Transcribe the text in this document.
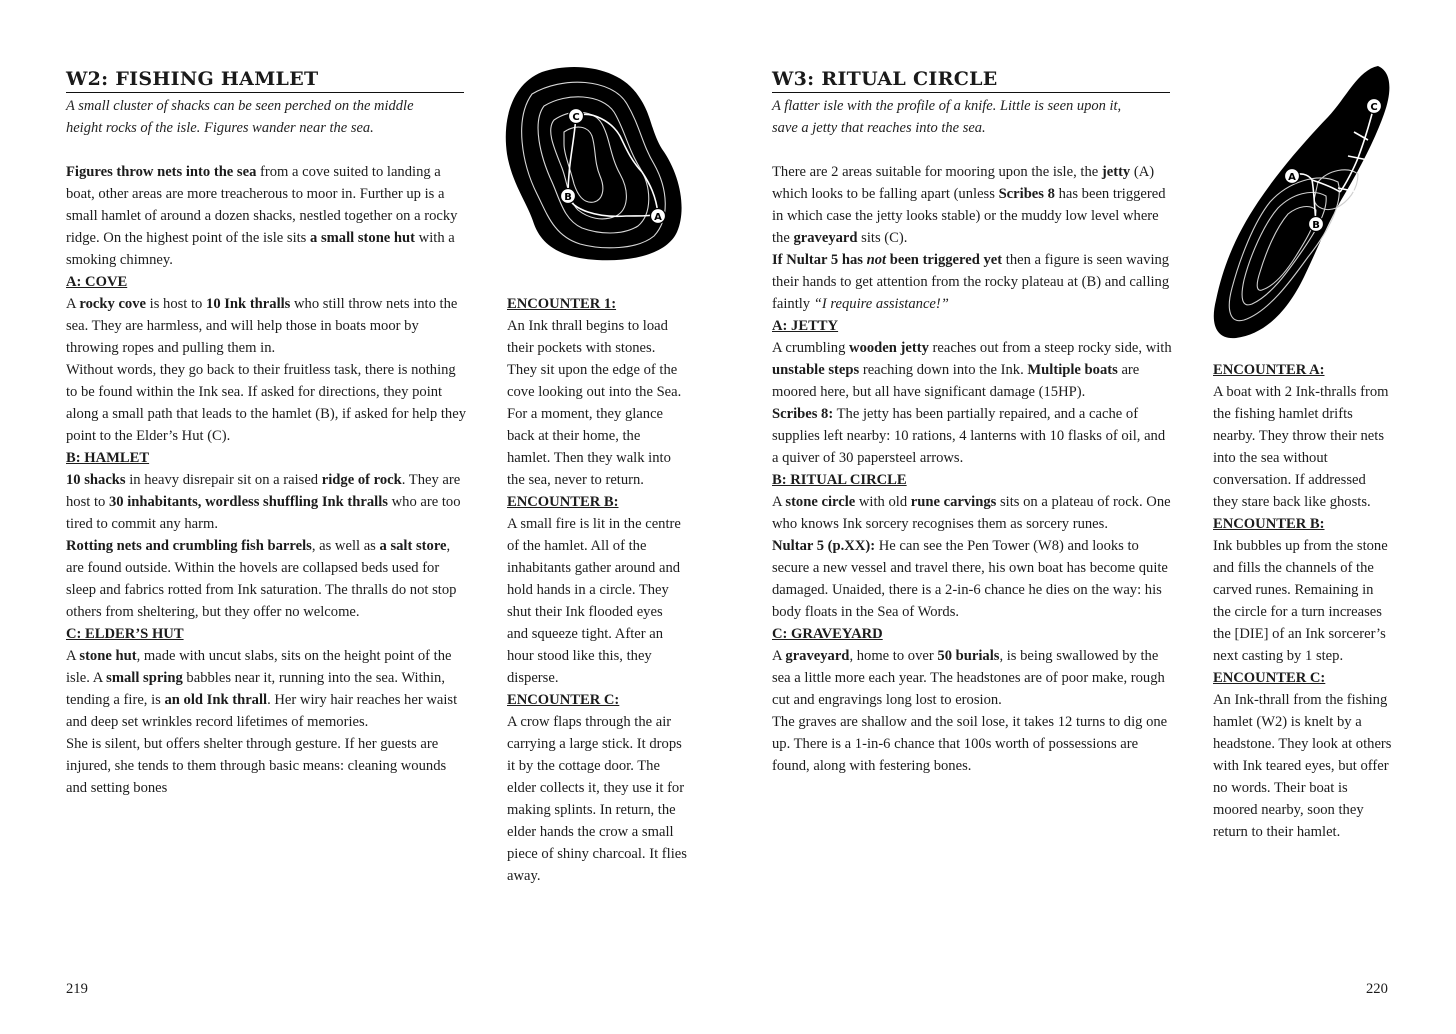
W2: FISHING HAMLET
A small cluster of shacks can be seen perched on the middle
height rocks of the isle. Figures wander near the sea.

Figures throw nets into the sea from a cove suited to landing a boat, other areas are more treacherous to moor in. Further up is a small hamlet of around a dozen shacks, nestled together on a rocky ridge. On the highest point of the isle sits a small stone hut with a smoking chimney.

A: COVE

A rocky cove is host to 10 Ink thralls who still throw nets into the sea. They are harmless, and will help those in boats moor by throwing ropes and pulling them in.

Without words, they go back to their fruitless task, there is nothing to be found within the Ink sea. If asked for directions, they point along a small path that leads to the hamlet (B), if asked for help they point to the Elder’s Hut (C).

B: HAMLET

10 shacks in heavy disrepair sit on a raised ridge of rock. They are host to 30 inhabitants, wordless shuffling Ink thralls who are too tired to commit any harm.

Rotting nets and crumbling fish barrels, as well as a salt store, are found outside. Within the hovels are collapsed beds used for sleep and fabrics rotted from Ink saturation. The thralls do not stop others from sheltering, but they offer no welcome.

C: ELDER’S HUT

A stone hut, made with uncut slabs, sits on the height point of the isle. A small spring babbles near it, running into the sea. Within, tending a fire, is an old Ink thrall. Her wiry hair reaches her waist and deep set wrinkles record lifetimes of memories.

She is silent, but offers shelter through gesture. If her guests are injured, she tends to them through basic means: cleaning wounds and setting bones

C
B
A
ENCOUNTER 1:

An Ink thrall begins to load their pockets with stones. They sit upon the edge of the cove looking out into the Sea. For a moment, they glance back at their home, the hamlet. Then they walk into the sea, never to return.

ENCOUNTER B:

A small fire is lit in the centre of the hamlet. All of the inhabitants gather around and hold hands in a circle. They shut their Ink flooded eyes and squeeze tight. After an hour stood like this, they disperse.

ENCOUNTER C:

A crow flaps through the air carrying a large stick. It drops it by the cottage door. The elder collects it, they use it for making splints. In return, the elder hands the crow a small piece of shiny charcoal. It flies away.

219
W3: RITUAL CIRCLE
A flatter isle with the profile of a knife. Little is seen upon it,
save a jetty that reaches into the sea.

There are 2 areas suitable for mooring upon the isle, the jetty (A) which looks to be falling apart (unless Scribes 8 has been triggered in which case the jetty looks stable) or the muddy low level where the graveyard sits (C).

If Nultar 5 has not been triggered yet then a figure is seen waving their hands to get attention from the rocky plateau at (B) and calling faintly “I require assistance!”

A: JETTY

A crumbling wooden jetty reaches out from a steep rocky side, with unstable steps reaching down into the Ink. Multiple boats are moored here, but all have significant damage (15HP).

Scribes 8: The jetty has been partially repaired, and a cache of supplies left nearby: 10 rations, 4 lanterns with 10 flasks of oil, and a quiver of 30 papersteel arrows.

B: RITUAL CIRCLE

A stone circle with old rune carvings sits on a plateau of rock. One who knows Ink sorcery recognises them as sorcery runes.

Nultar 5 (p.XX): He can see the Pen Tower (W8) and looks to secure a new vessel and travel there, his own boat has become quite damaged. Unaided, there is a 2-in-6 chance he dies on the way: his body floats in the Sea of Words.

C: GRAVEYARD

A graveyard, home to over 50 burials, is being swallowed by the sea a little more each year. The headstones are of poor make, rough cut and engravings long lost to erosion.

The graves are shallow and the soil lose, it takes 12 turns to dig one up. There is a 1-in-6 chance that 100s worth of possessions are found, along with festering bones.

C
A
B
ENCOUNTER A:

A boat with 2 Ink-thralls from the fishing hamlet drifts nearby. They throw their nets into the sea without conversation. If addressed they stare back like ghosts.

ENCOUNTER B:

Ink bubbles up from the stone and fills the channels of the carved runes. Remaining in the circle for a turn increases the [DIE] of an Ink sorcerer’s next casting by 1 step.

ENCOUNTER C:

An Ink-thrall from the fishing hamlet (W2) is knelt by a headstone. They look at others with Ink teared eyes, but offer no words. Their boat is moored nearby, soon they return to their hamlet.

220
